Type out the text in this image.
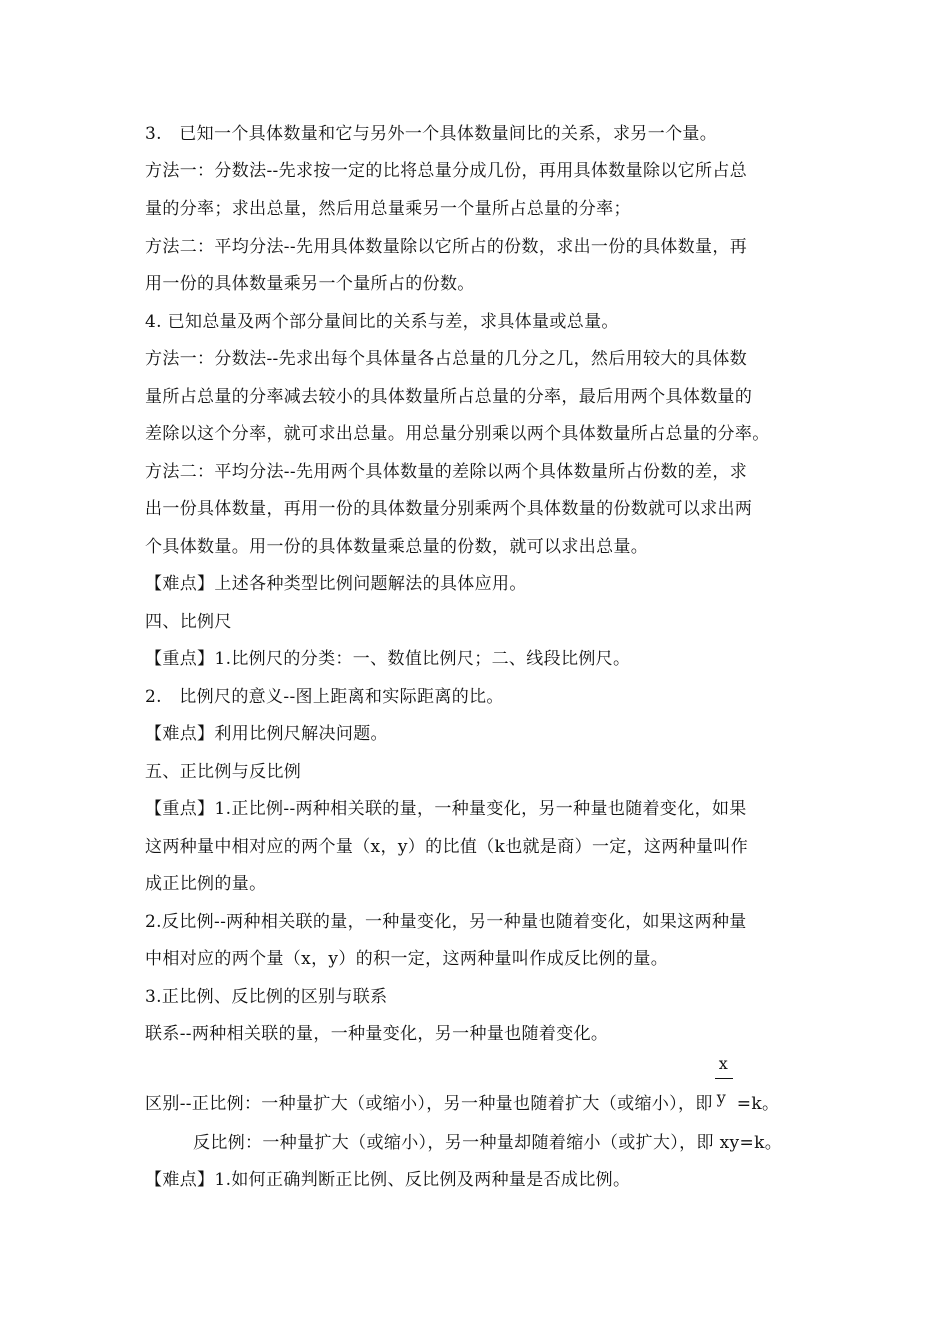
3.　已知一个具体数量和它与另外一个具体数量间比的关系，求另一个量。
方法一：分数法--先求按一定的比将总量分成几份，再用具体数量除以它所占总
量的分率；求出总量，然后用总量乘另一个量所占总量的分率；
方法二：平均分法--先用具体数量除以它所占的份数，求出一份的具体数量，再
用一份的具体数量乘另一个量所占的份数。
4. 已知总量及两个部分量间比的关系与差，求具体量或总量。
方法一：分数法--先求出每个具体量各占总量的几分之几，然后用较大的具体数
量所占总量的分率减去较小的具体数量所占总量的分率，最后用两个具体数量的
差除以这个分率，就可求出总量。用总量分别乘以两个具体数量所占总量的分率。
方法二：平均分法--先用两个具体数量的差除以两个具体数量所占份数的差，求
出一份具体数量，再用一份的具体数量分别乘两个具体数量的份数就可以求出两
个具体数量。用一份的具体数量乘总量的份数，就可以求出总量。
【难点】上述各种类型比例问题解法的具体应用。
四、比例尺
【重点】1.比例尺的分类：一、数值比例尺；二、线段比例尺。
2.　比例尺的意义--图上距离和实际距离的比。
【难点】利用比例尺解决问题。
五、正比例与反比例
【重点】1.正比例--两种相关联的量，一种量变化，另一种量也随着变化，如果
这两种量中相对应的两个量（x，y）的比值（k也就是商）一定，这两种量叫作
成正比例的量。
2.反比例--两种相关联的量，一种量变化，另一种量也随着变化，如果这两种量
中相对应的两个量（x，y）的积一定，这两种量叫作成反比例的量。
3.正比例、反比例的区别与联系
联系--两种相关联的量，一种量变化，另一种量也随着变化。
区别--正比例：一种量扩大（或缩小），另一种量也随着扩大（或缩小），即 $\frac{x}{y} =k$。
反比例：一种量扩大（或缩小），另一种量却随着缩小（或扩大），即 xy=k。
【难点】1.如何正确判断正比例、反比例及两种量是否成比例。
